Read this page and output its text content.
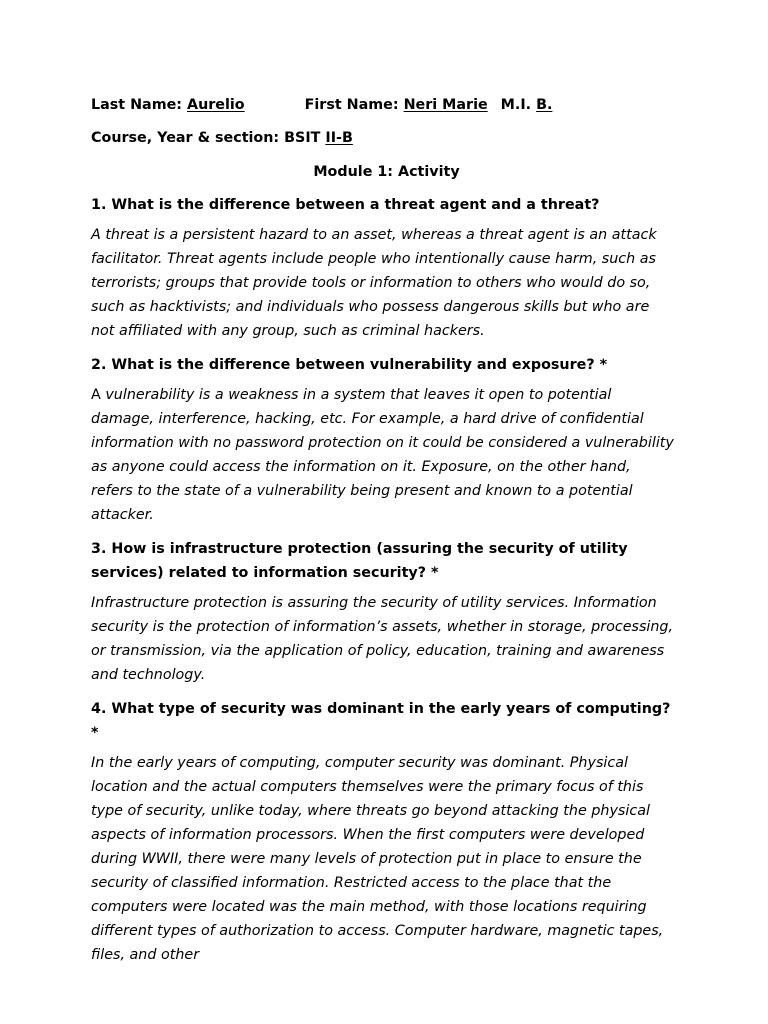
Last Name: Aurelio	First Name: Neri Marie M.I. B.
Course, Year & section: BSIT II-B
Module 1: Activity
1. What is the difference between a threat agent and a threat?
A threat is a persistent hazard to an asset, whereas a threat agent is an attack facilitator. Threat agents include people who intentionally cause harm, such as terrorists; groups that provide tools or information to others who would do so, such as hacktivists; and individuals who possess dangerous skills but who are not affiliated with any group, such as criminal hackers.
2. What is the difference between vulnerability and exposure? *
A vulnerability is a weakness in a system that leaves it open to potential damage, interference, hacking, etc. For example, a hard drive of confidential information with no password protection on it could be considered a vulnerability as anyone could access the information on it. Exposure, on the other hand, refers to the state of a vulnerability being present and known to a potential attacker.
3. How is infrastructure protection (assuring the security of utility services) related to information security? *
Infrastructure protection is assuring the security of utility services. Information security is the protection of information’s assets, whether in storage, processing, or transmission, via the application of policy, education, training and awareness and technology.
4. What type of security was dominant in the early years of computing? *
In the early years of computing, computer security was dominant. Physical location and the actual computers themselves were the primary focus of this type of security, unlike today, where threats go beyond attacking the physical aspects of information processors. When the first computers were developed during WWII, there were many levels of protection put in place to ensure the security of classified information. Restricted access to the place that the computers were located was the main method, with those locations requiring different types of authorization to access. Computer hardware, magnetic tapes, files, and other
